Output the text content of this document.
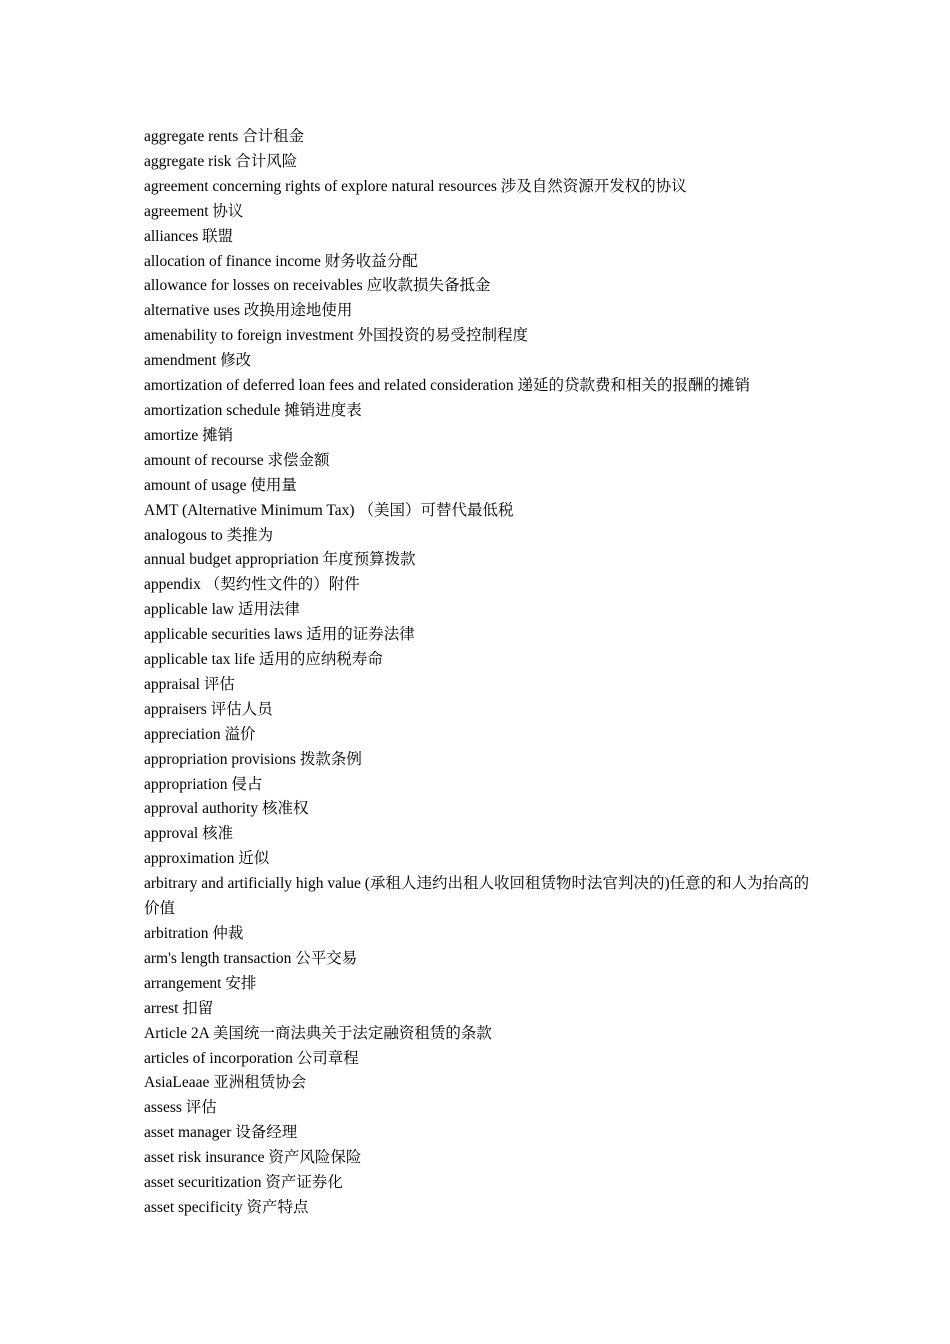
aggregate rents 合计租金

aggregate risk 合计风险

agreement concerning rights of explore natural resources 涉及自然资源开发权的协议

agreement 协议

alliances 联盟

allocation of finance income 财务收益分配

allowance for losses on receivables 应收款损失备抵金

alternative uses 改换用途地使用

amenability to foreign investment 外国投资的易受控制程度

amendment 修改

amortization of deferred loan fees and related consideration 递延的贷款费和相关的报酬的摊销

amortization schedule 摊销进度表

amortize 摊销

amount of recourse 求偿金额

amount of usage 使用量

AMT (Alternative Minimum Tax) （美国）可替代最低税

analogous to 类推为

annual budget appropriation 年度预算拨款

appendix （契约性文件的）附件

applicable law 适用法律

applicable securities laws 适用的证券法律

applicable tax life 适用的应纳税寿命

appraisal 评估

appraisers 评估人员

appreciation 溢价

appropriation provisions 拨款条例

appropriation 侵占

approval authority 核准权

approval 核准

approximation 近似

arbitrary and artificially high value (承租人违约出租人收回租赁物时法官判决的)任意的和人为抬高的价值

arbitration 仲裁

arm's length transaction 公平交易

arrangement 安排

arrest 扣留

Article 2A 美国统一商法典关于法定融资租赁的条款

articles of incorporation 公司章程

AsiaLeaae 亚洲租赁协会

assess 评估

asset manager 设备经理

asset risk insurance 资产风险保险

asset securitization 资产证券化

asset specificity 资产特点
